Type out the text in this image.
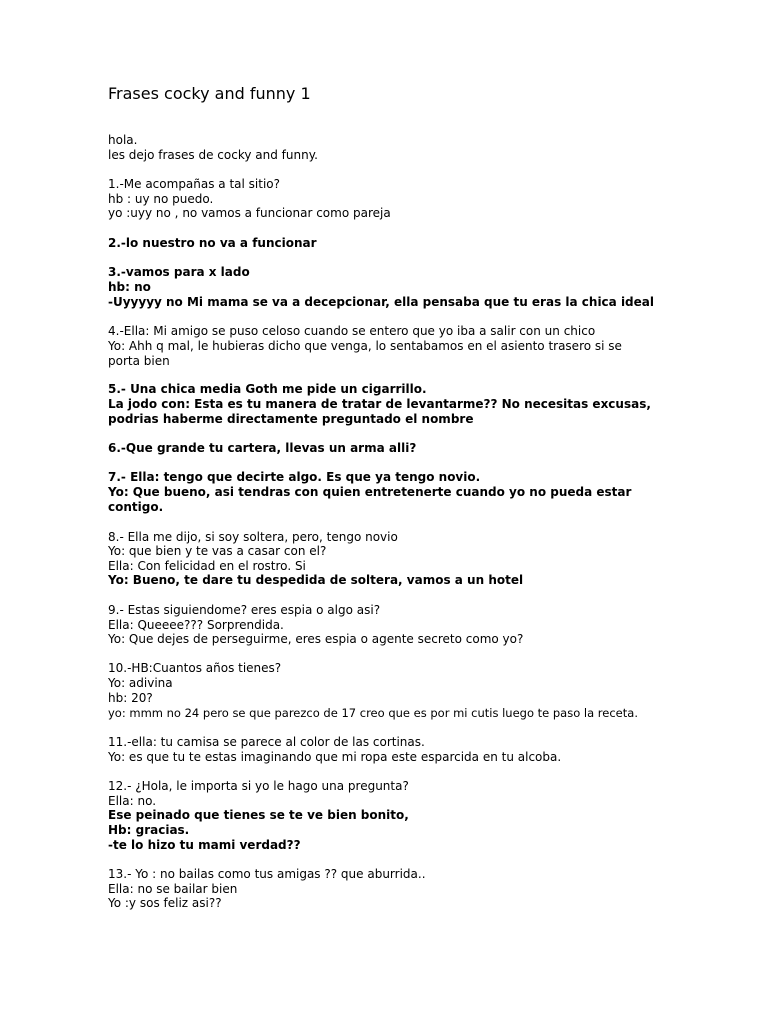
Frases cocky and funny 1
hola.
les dejo frases de cocky and funny.
1.-Me acompañas a tal sitio?
hb : uy no puedo.
yo :uyy no , no vamos a funcionar como pareja
2.-lo nuestro no va a funcionar
3.-vamos para x lado
hb: no
-Uyyyyy no Mi mama se va a decepcionar, ella pensaba que tu eras la chica ideal
4.-Ella: Mi amigo se puso celoso cuando se entero que yo iba a salir con un chico
Yo: Ahh q mal, le hubieras dicho que venga, lo sentabamos en el asiento trasero si se
porta bien
5.- Una chica media Goth me pide un cigarrillo.
La jodo con: Esta es tu manera de tratar de levantarme?? No necesitas excusas,
podrias haberme directamente preguntado el nombre
6.-Que grande tu cartera, llevas un arma alli?
7.- Ella: tengo que decirte algo. Es que ya tengo novio.
Yo: Que bueno, asi tendras con quien entretenerte cuando yo no pueda estar
contigo.
8.- Ella me dijo, si soy soltera, pero, tengo novio
Yo: que bien y te vas a casar con el?
Ella: Con felicidad en el rostro. Si
Yo: Bueno, te dare tu despedida de soltera, vamos a un hotel
9.- Estas siguiendome? eres espia o algo asi?
Ella: Queeee??? Sorprendida.
Yo: Que dejes de perseguirme, eres espia o agente secreto como yo?
10.-HB:Cuantos años tienes?
Yo: adivina
hb: 20?
yo: mmm no 24 pero se que parezco de 17 creo que es por mi cutis luego te paso la receta.
11.-ella: tu camisa se parece al color de las cortinas.
Yo: es que tu te estas imaginando que mi ropa este esparcida en tu alcoba.
12.- ¿Hola, le importa si yo le hago una pregunta?
Ella: no.
Ese peinado que tienes se te ve bien bonito,
Hb: gracias.
-te lo hizo tu mami verdad??
13.- Yo : no bailas como tus amigas ?? que aburrida..
Ella: no se bailar bien
Yo :y sos feliz asi??
